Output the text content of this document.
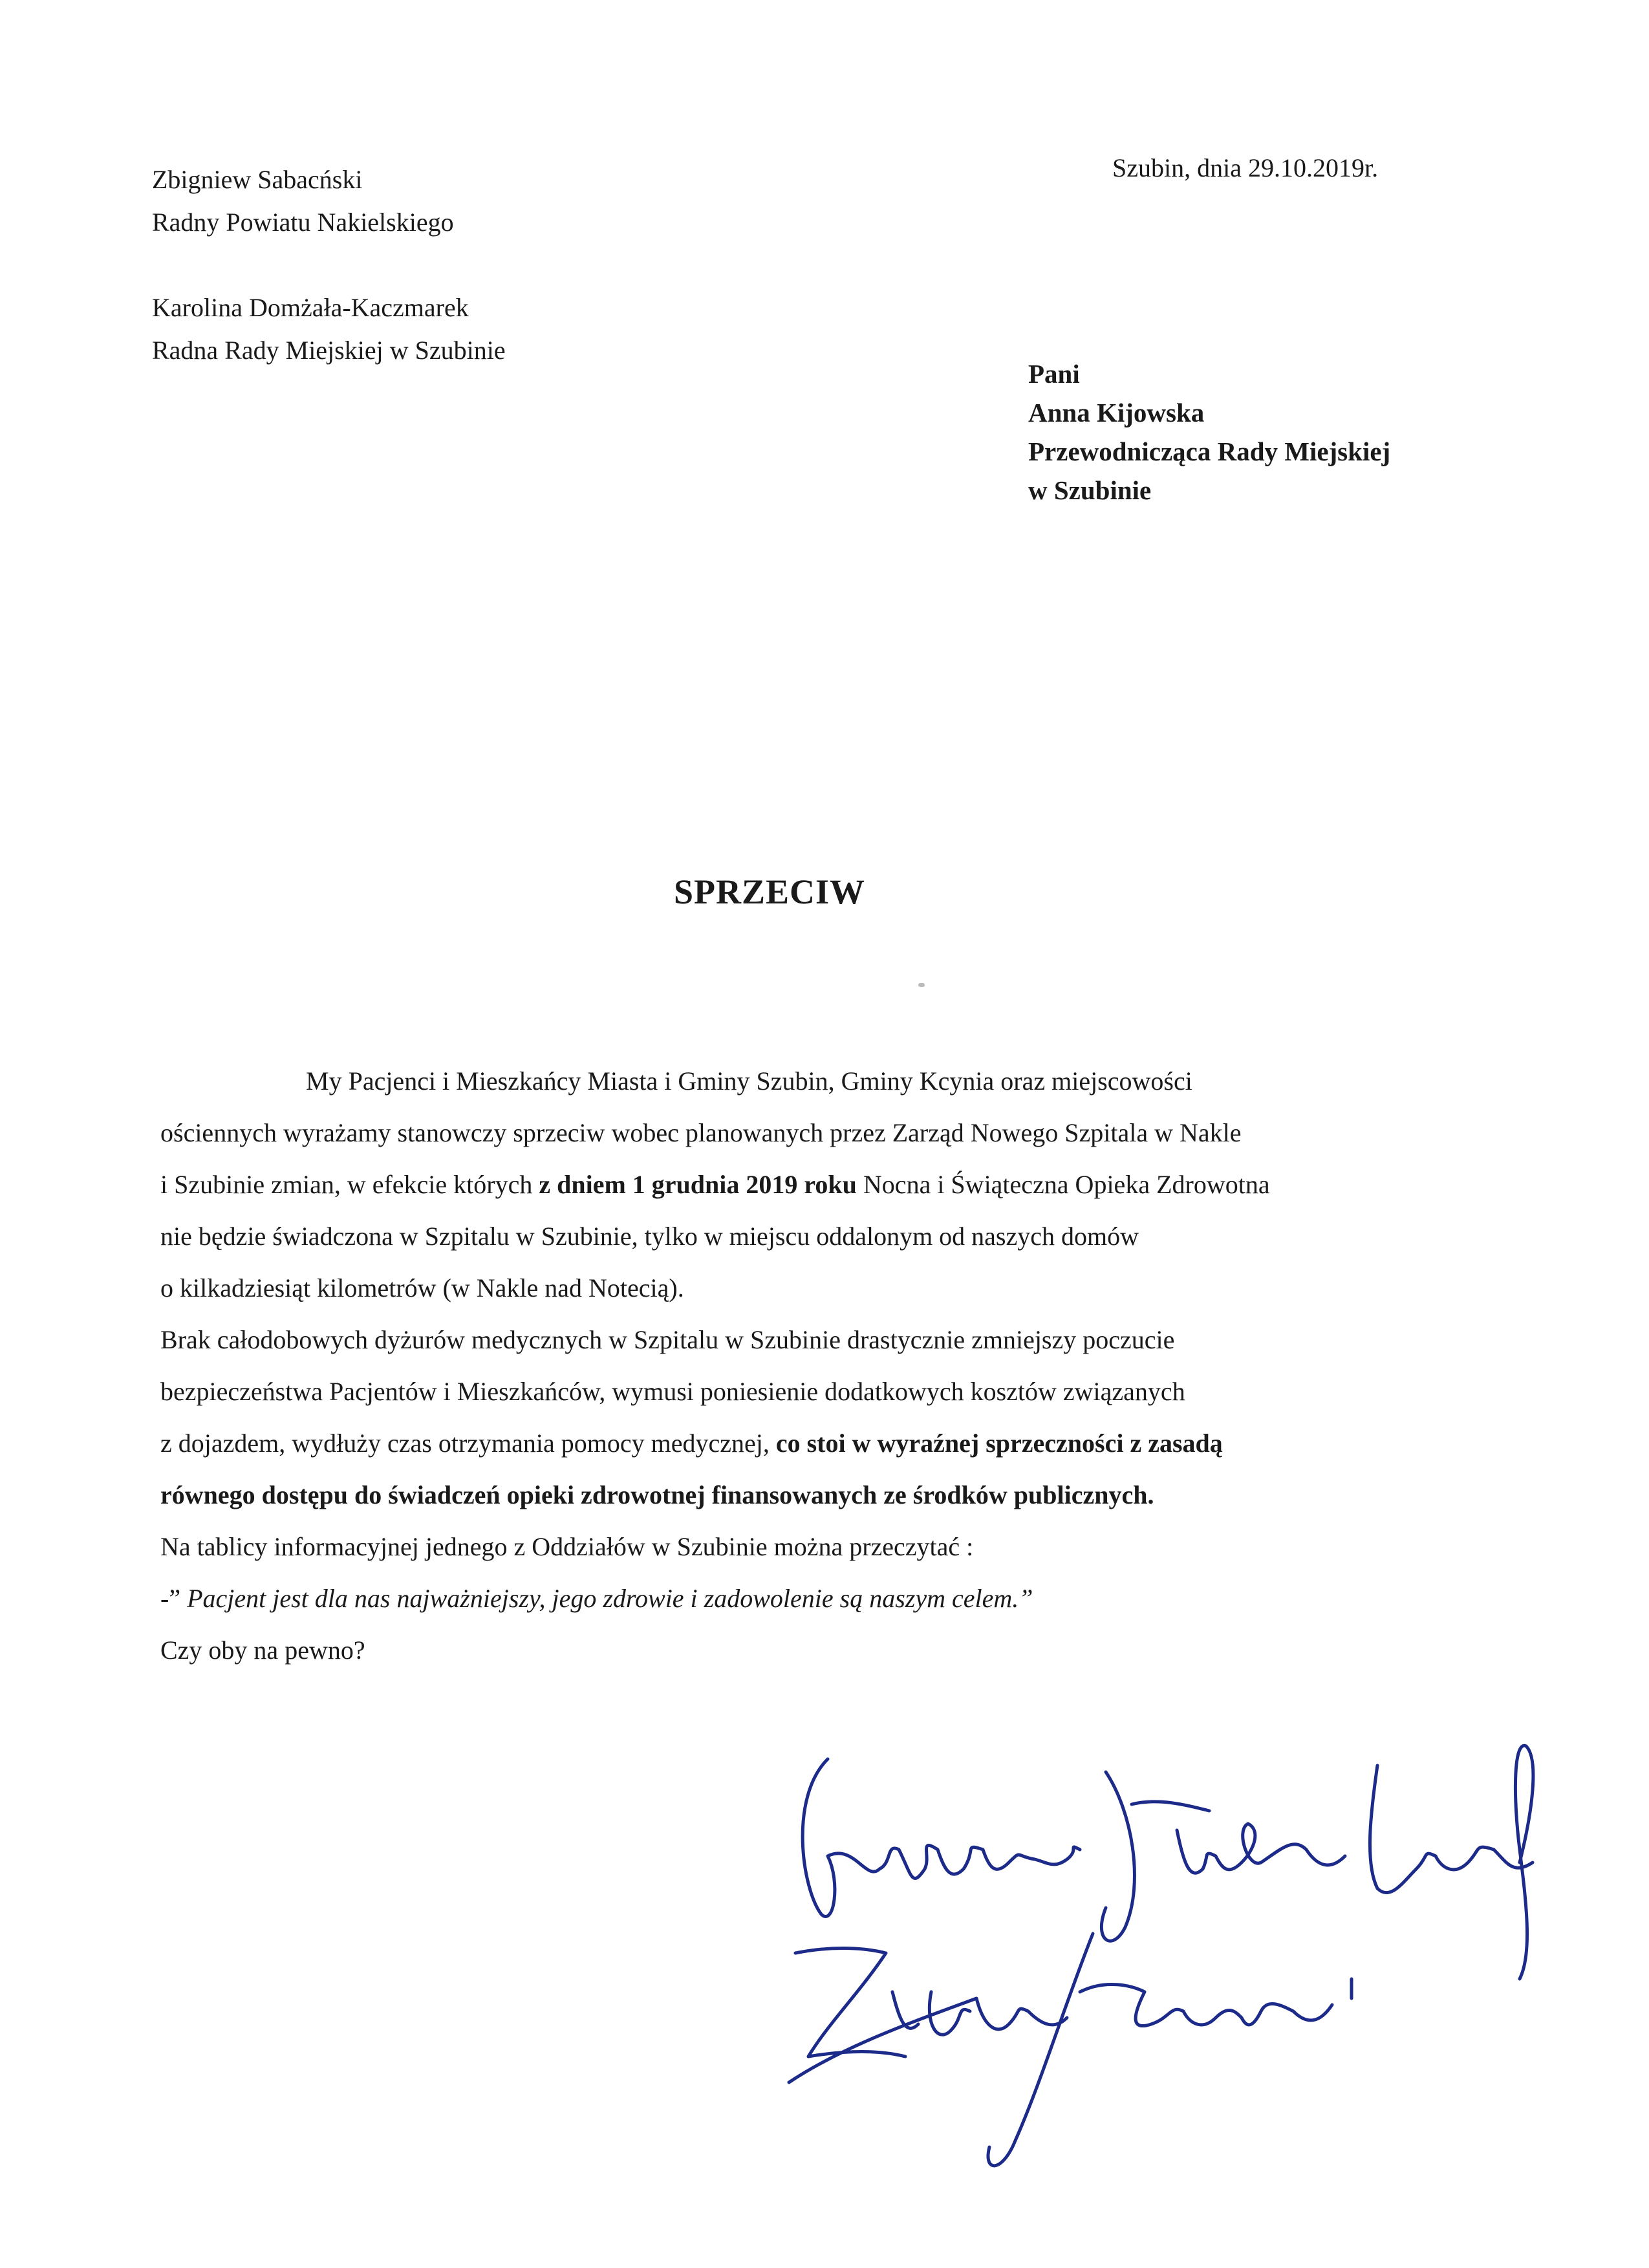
Zbigniew Sabacński
Radny Powiatu Nakielskiego
Karolina Domżała-Kaczmarek
Radna Rady Miejskiej w Szubinie
Szubin, dnia 29.10.2019r.
Pani
Anna Kijowska
Przewodnicząca Rady Miejskiej
w Szubinie
SPRZECIW

My Pacjenci i Mieszkańcy Miasta i Gminy Szubin, Gminy Kcynia oraz miejscowości

ościennych wyrażamy stanowczy sprzeciw wobec planowanych przez Zarząd Nowego Szpitala w Nakle

i Szubinie zmian, w efekcie których z dniem 1 grudnia 2019 roku Nocna i Świąteczna Opieka Zdrowotna

nie będzie świadczona w Szpitalu w Szubinie, tylko w miejscu oddalonym od naszych domów

o kilkadziesiąt kilometrów (w Nakle nad Notecią).

Brak całodobowych dyżurów medycznych w Szpitalu w Szubinie drastycznie zmniejszy poczucie

bezpieczeństwa Pacjentów i Mieszkańców, wymusi poniesienie dodatkowych kosztów związanych

z dojazdem, wydłuży czas otrzymania pomocy medycznej, co stoi w wyraźnej sprzeczności z zasadą

równego dostępu do świadczeń opieki zdrowotnej finansowanych ze środków publicznych.

Na tablicy informacyjnej jednego z Oddziałów w Szubinie można przeczytać :

-” Pacjent jest dla nas najważniejszy, jego zdrowie i zadowolenie są naszym celem.”

Czy oby na pewno?
